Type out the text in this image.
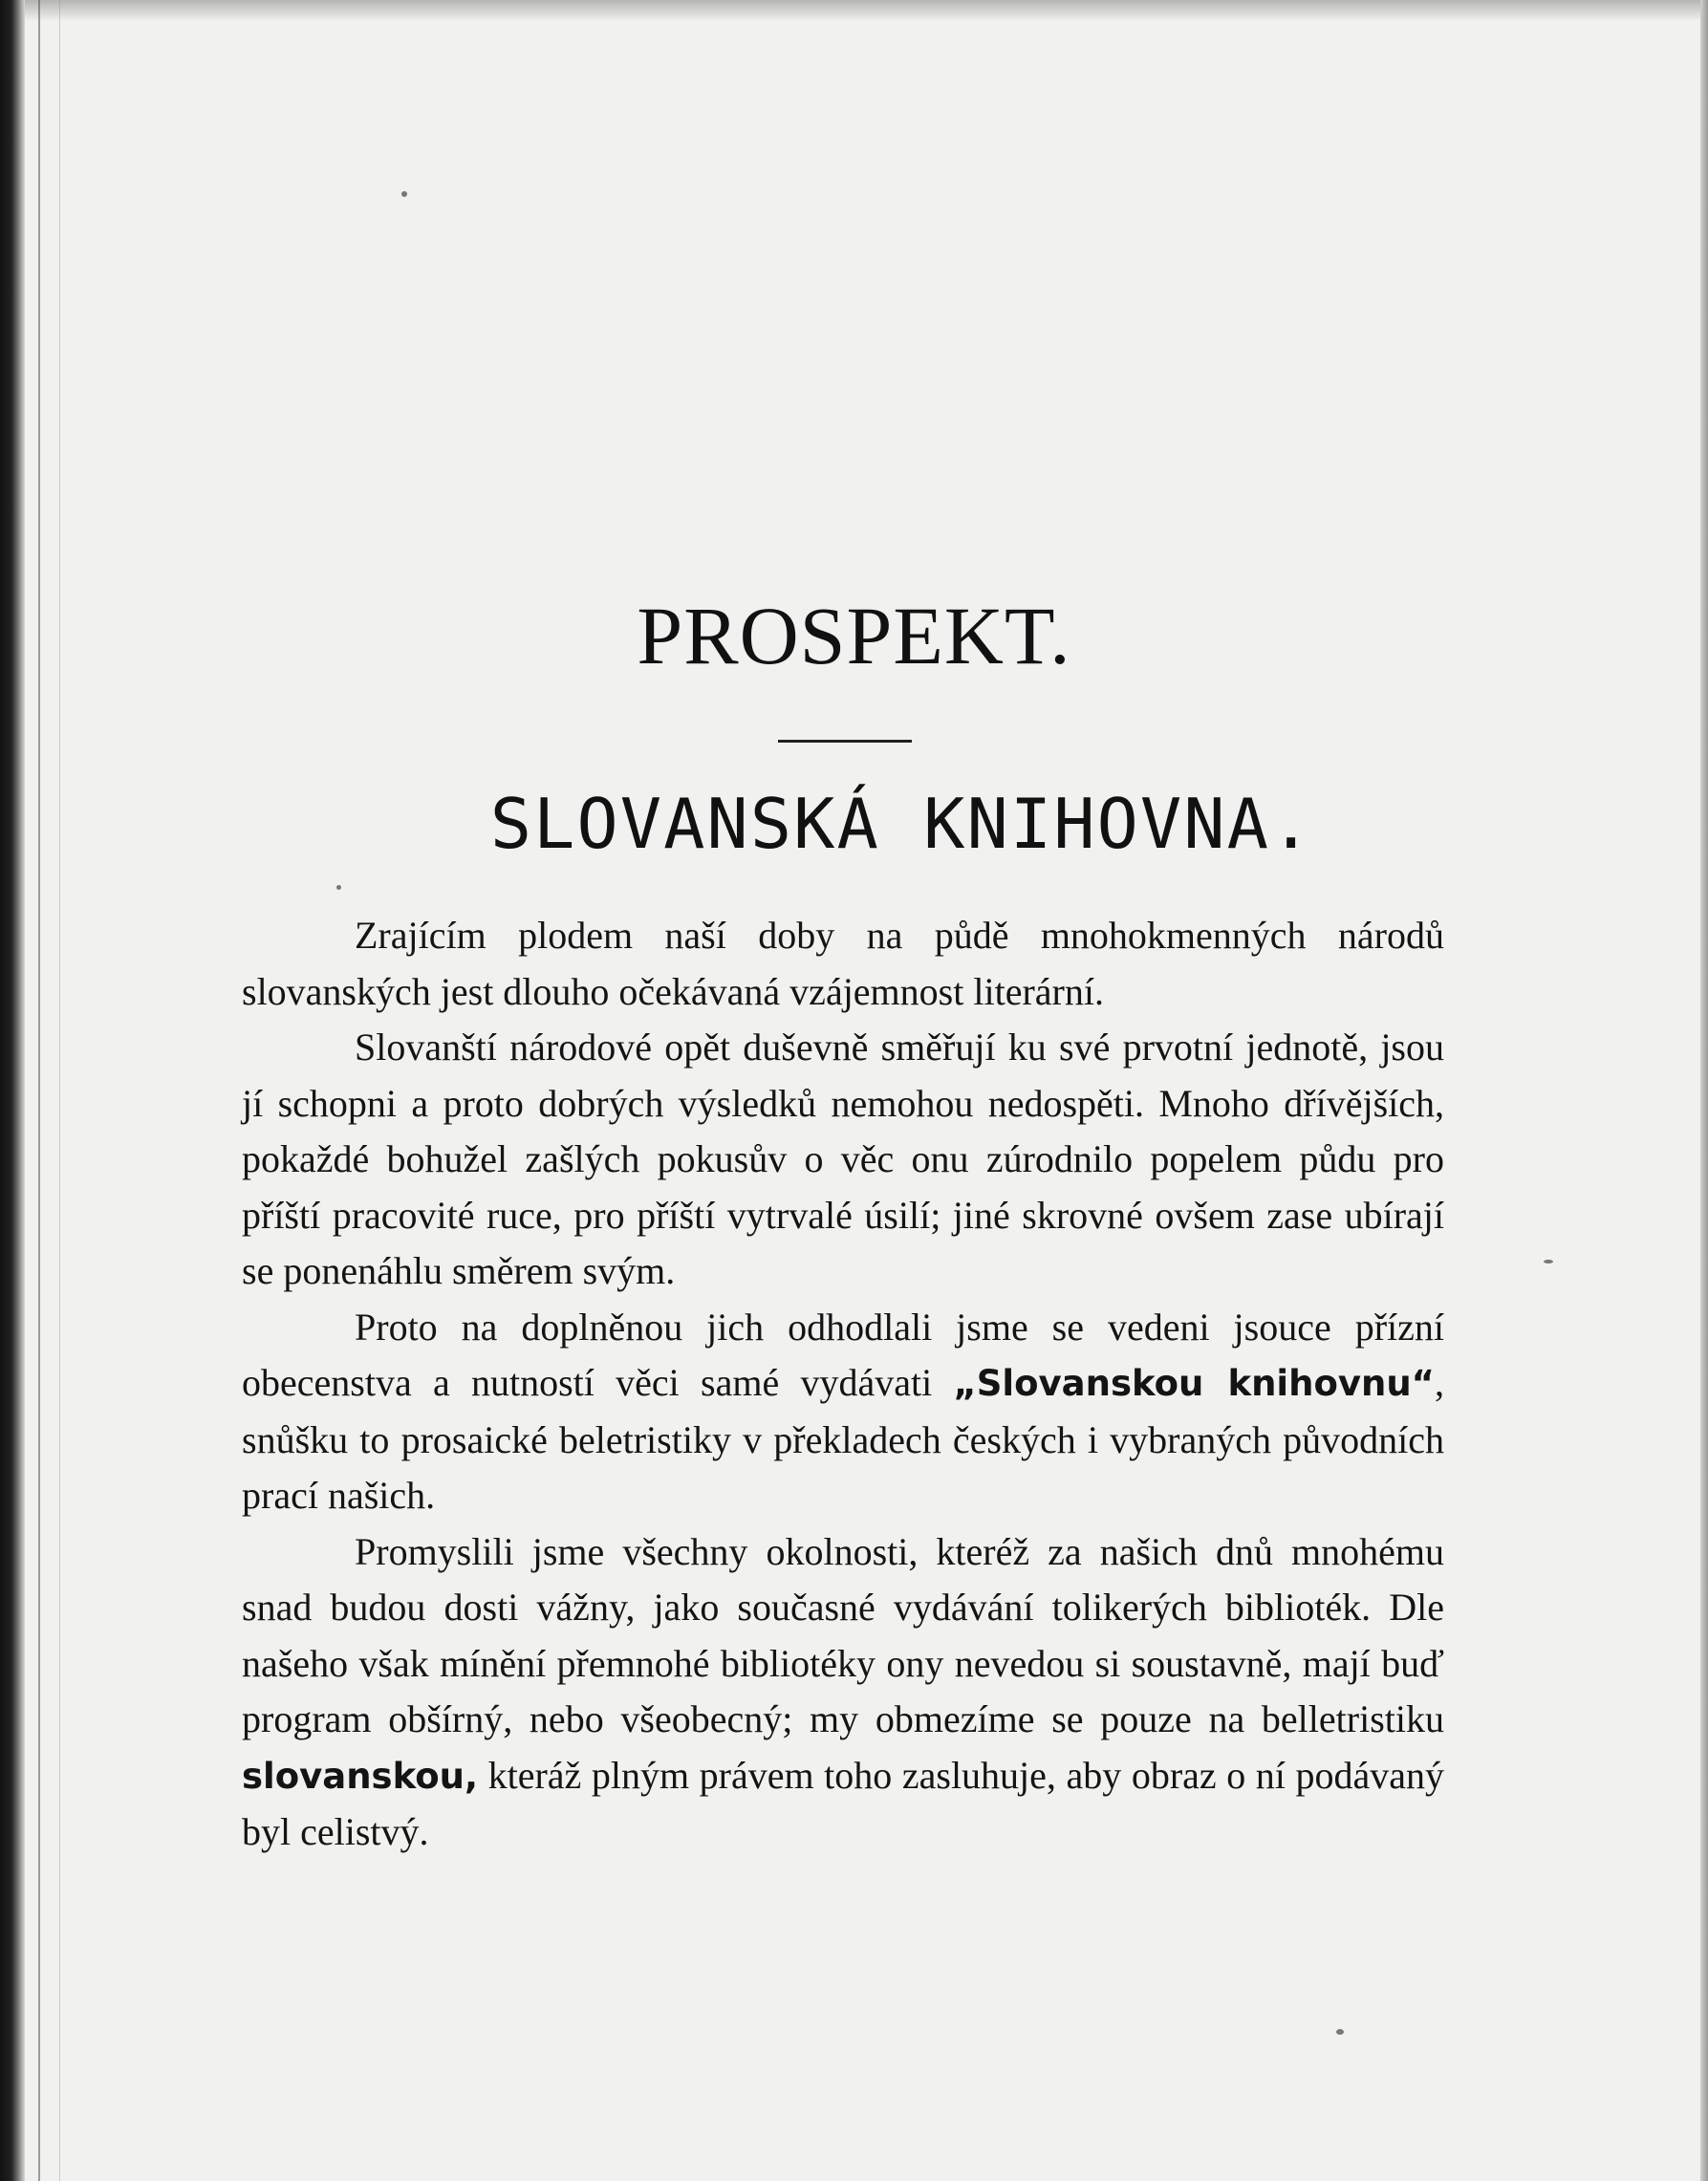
PROSPEKT.
SLOVANSKÁ KNIHOVNA.

Zrajícím plodem naší doby na půdě mnohokmenných národů slovanských jest dlouho očekávaná vzájemnost literární.

Slovanští národové opět duševně směřují ku své prvotní jednotě, jsou jí schopni a proto dobrých výsledků nemohou nedospěti. Mnoho dřívějších, pokaždé bohužel zašlých pokusův o věc onu zúrodnilo popelem půdu pro příští pracovité ruce, pro příští vytrvalé úsilí; jiné skrovné ovšem zase ubírají se ponenáhlu směrem svým.

Proto na doplněnou jich odhodlali jsme se vedeni jsouce přízní obecenstva a nutností věci samé vydávati „Slovanskou knihovnu“, snůšku to prosaické beletristiky v překladech českých i vybraných původních prací našich.

Promyslili jsme všechny okolnosti, kteréž za našich dnů mnohému snad budou dosti vážny, jako současné vydávání tolikerých biblioték. Dle našeho však mínění přemnohé bibliotéky ony nevedou si soustavně, mají buď program obšírný, nebo všeobecný; my obmezíme se pouze na belletristiku slovanskou, kteráž plným právem toho zasluhuje, aby obraz o ní podávaný byl celistvý.
